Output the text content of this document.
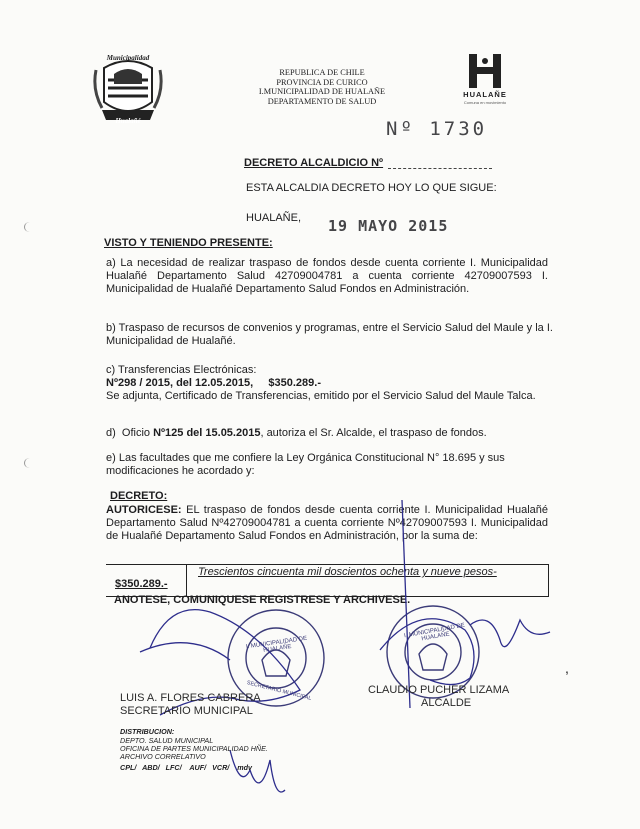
Municipalidad
Hualañé
REPUBLICA DE CHILE
PROVINCIA DE CURICO
I.MUNICIPALIDAD DE HUALAÑE
DEPARTAMENTO DE SALUD
HUALAÑE
Comuna en movimiento
Nº 1730
DECRETO ALCALDICIO Nº
ESTA ALCALDIA DECRETO HOY LO QUE SIGUE:
HUALAÑE, 19 MAYO 2015
VISTO Y TENIENDO PRESENTE:
a) La necesidad de realizar traspaso de fondos desde cuenta corriente I. Municipalidad Hualañé Departamento Salud 42709004781 a cuenta corriente 42709007593 I. Municipalidad de Hualañé Departamento Salud Fondos en Administración.
b) Traspaso de recursos de convenios y programas, entre el Servicio Salud del Maule y la I. Municipalidad de Hualañé.
c) Transferencias Electrónicas:
Nº298 / 2015, del 12.05.2015,     $350.289.-
Se adjunta, Certificado de Transferencias, emitido por el Servicio Salud del Maule Talca.
d)  Oficio Nº125 del 15.05.2015, autoriza el Sr. Alcalde, el traspaso de fondos.
e) Las facultades que me confiere la Ley Orgánica Constitucional N° 18.695 y sus modificaciones he acordado y:
DECRETO:
AUTORICESE: EL traspaso de fondos desde cuenta corriente I. Municipalidad Hualañé Departamento Salud Nº42709004781 a cuenta corriente Nº42709007593 I. Municipalidad de Hualañé Departamento Salud Fondos en Administración, por la suma de:
$350.289.-
Trescientos cincuenta mil doscientos ochenta y nueve pesos-
ANOTESE, COMUNIQUESE REGISTRESE Y ARCHIVESE.
I. MUNICIPALIDAD DE HUALAÑE
SECRETARIO MUNICIPAL
I. MUNICIPALIDAD DE HUALAÑE
LUIS A. FLORES CABRERA
SECRETARIO MUNICIPAL
CLAUDIO PUCHER LIZAMA
ALCALDE
DISTRIBUCION:
DEPTO. SALUD MUNICIPAL
OFICINA DE PARTES MUNICIPALIDAD HÑE.
ARCHIVO CORRELATIVO
CPL/   ABD/   LFC/    AUF/   VCR/    mdv
,
